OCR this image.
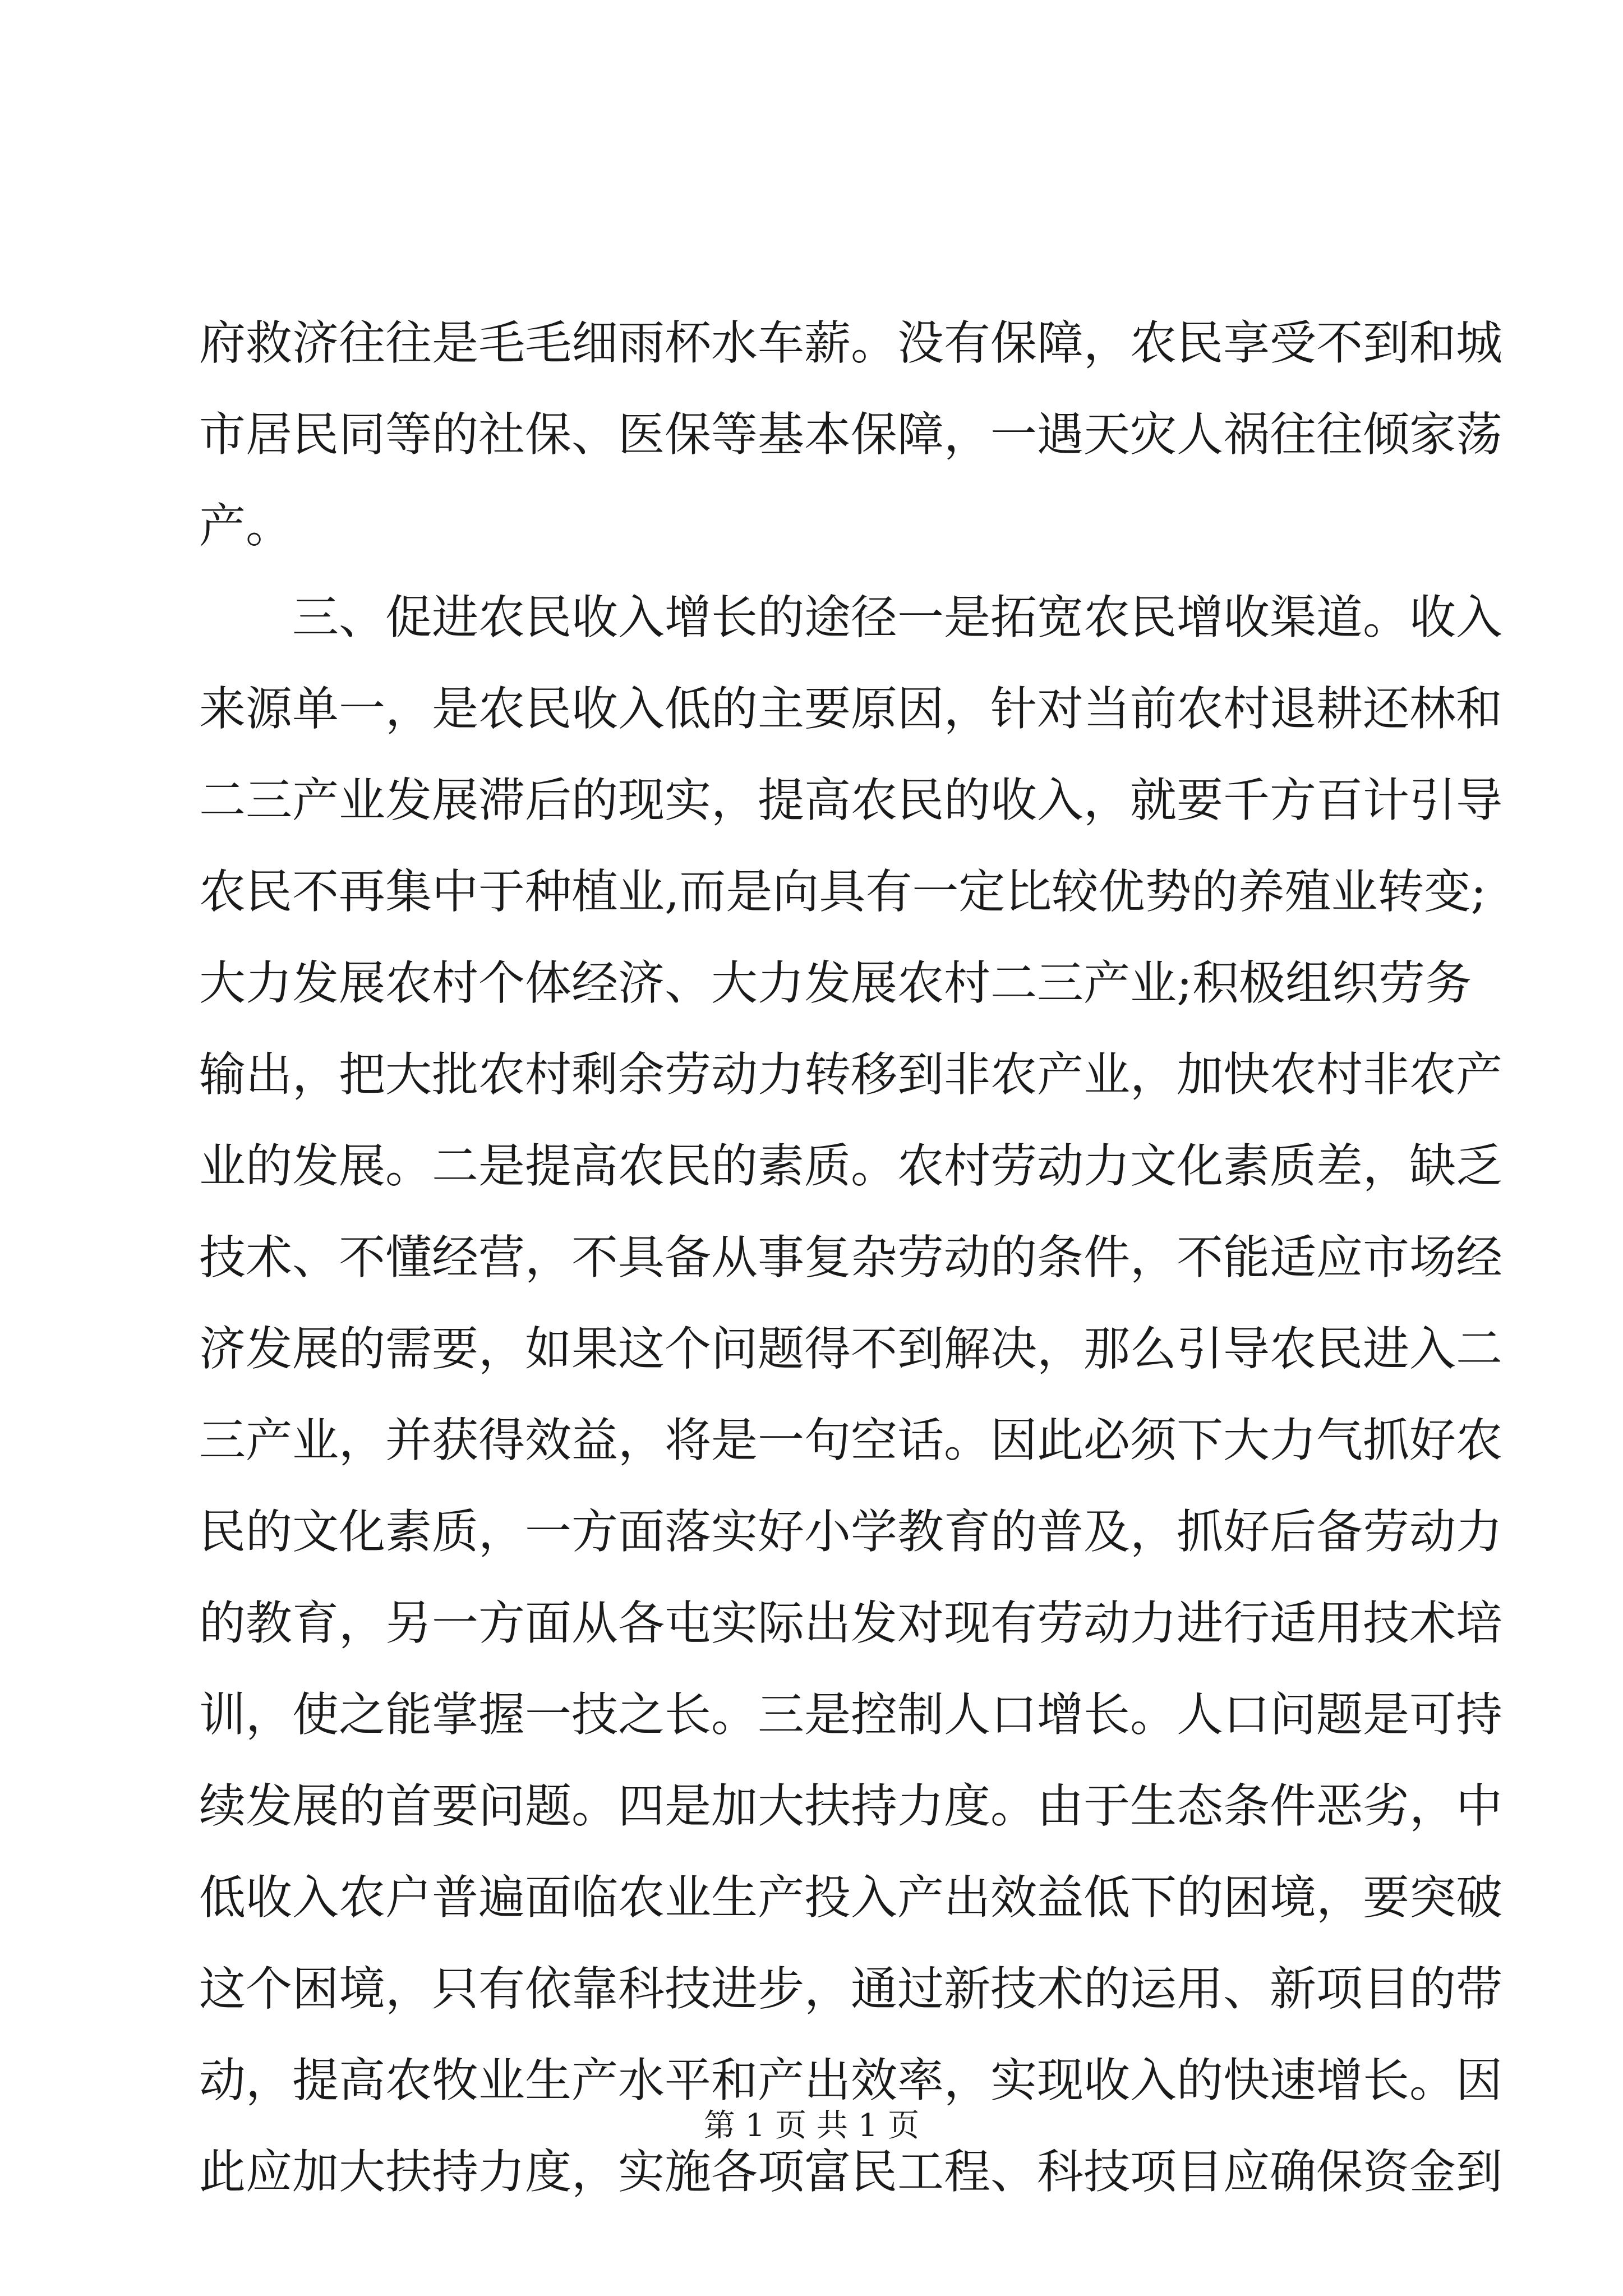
府救济往往是毛毛细雨杯水车薪。没有保障，农民享受不到和城
市居民同等的社保、医保等基本保障，一遇天灾人祸往往倾家荡
产。
三、促进农民收入增长的途径一是拓宽农民增收渠道。收入
来源单一，是农民收入低的主要原因，针对当前农村退耕还林和
二三产业发展滞后的现实，提高农民的收入，就要千方百计引导
农民不再集中于种植业,而是向具有一定比较优势的养殖业转变;
大力发展农村个体经济、大力发展农村二三产业;积极组织劳务
输出，把大批农村剩余劳动力转移到非农产业，加快农村非农产
业的发展。二是提高农民的素质。农村劳动力文化素质差，缺乏
技术、不懂经营，不具备从事复杂劳动的条件，不能适应市场经
济发展的需要，如果这个问题得不到解决，那么引导农民进入二
三产业，并获得效益，将是一句空话。因此必须下大力气抓好农
民的文化素质，一方面落实好小学教育的普及，抓好后备劳动力
的教育，另一方面从各屯实际出发对现有劳动力进行适用技术培
训，使之能掌握一技之长。三是控制人口增长。人口问题是可持
续发展的首要问题。四是加大扶持力度。由于生态条件恶劣，中
低收入农户普遍面临农业生产投入产出效益低下的困境，要突破
这个困境，只有依靠科技进步，通过新技术的运用、新项目的带
动，提高农牧业生产水平和产出效率，实现收入的快速增长。因
此应加大扶持力度，实施各项富民工程、科技项目应确保资金到
第 1 页 共 1 页
